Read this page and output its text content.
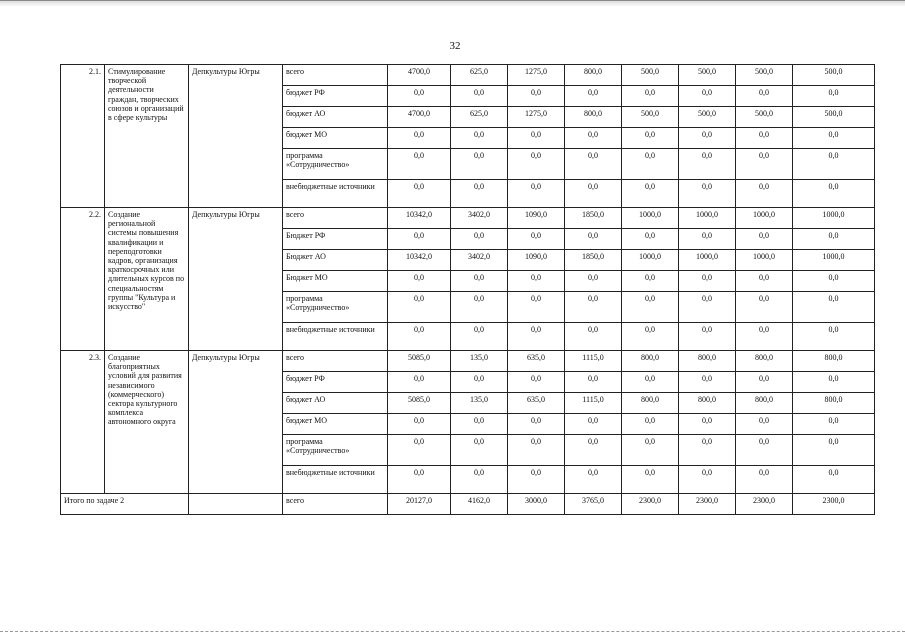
32
2.1.	Стимулирование творческой деятельности граждан, творческих союзов и организаций в сфере культуры	Депкультуры Югры	всего	4700,0	625,0	1275,0	800,0	500,0	500,0	500,0	500,0
			бюджет РФ	0,0	0,0	0,0	0,0	0,0	0,0	0,0	0,0
			бюджет АО	4700,0	625,0	1275,0	800,0	500,0	500,0	500,0	500,0
			бюджет МО	0,0	0,0	0,0	0,0	0,0	0,0	0,0	0,0
			программа «Сотрудничество»	0,0	0,0	0,0	0,0	0,0	0,0	0,0	0,0
			внебюджетные источники	0,0	0,0	0,0	0,0	0,0	0,0	0,0	0,0
2.2.	Создание региональной системы повышения квалификации и переподготовки кадров, организация краткосрочных или длительных курсов по специальностям группы "Культура и искусство"	Депкультуры Югры	всего	10342,0	3402,0	1090,0	1850,0	1000,0	1000,0	1000,0	1000,0
			Бюджет РФ	0,0	0,0	0,0	0,0	0,0	0,0	0,0	0,0
			Бюджет АО	10342,0	3402,0	1090,0	1850,0	1000,0	1000,0	1000,0	1000,0
			Бюджет МО	0,0	0,0	0,0	0,0	0,0	0,0	0,0	0,0
			программа «Сотрудничество»	0,0	0,0	0,0	0,0	0,0	0,0	0,0	0,0
			внебюджетные источники	0,0	0,0	0,0	0,0	0,0	0,0	0,0	0,0
2.3.	Создание благоприятных условий для развития независимого (коммерческого) сектора культурного комплекса автономного округа	Депкультуры Югры	всего	5085,0	135,0	635,0	1115,0	800,0	800,0	800,0	800,0
			бюджет РФ	0,0	0,0	0,0	0,0	0,0	0,0	0,0	0,0
			бюджет АО	5085,0	135,0	635,0	1115,0	800,0	800,0	800,0	800,0
			бюджет МО	0,0	0,0	0,0	0,0	0,0	0,0	0,0	0,0
			программа «Сотрудничество»	0,0	0,0	0,0	0,0	0,0	0,0	0,0	0,0
			внебюджетные источники	0,0	0,0	0,0	0,0	0,0	0,0	0,0	0,0
Итого по задаче 2			всего	20127,0	4162,0	3000,0	3765,0	2300,0	2300,0	2300,0	2300,0
